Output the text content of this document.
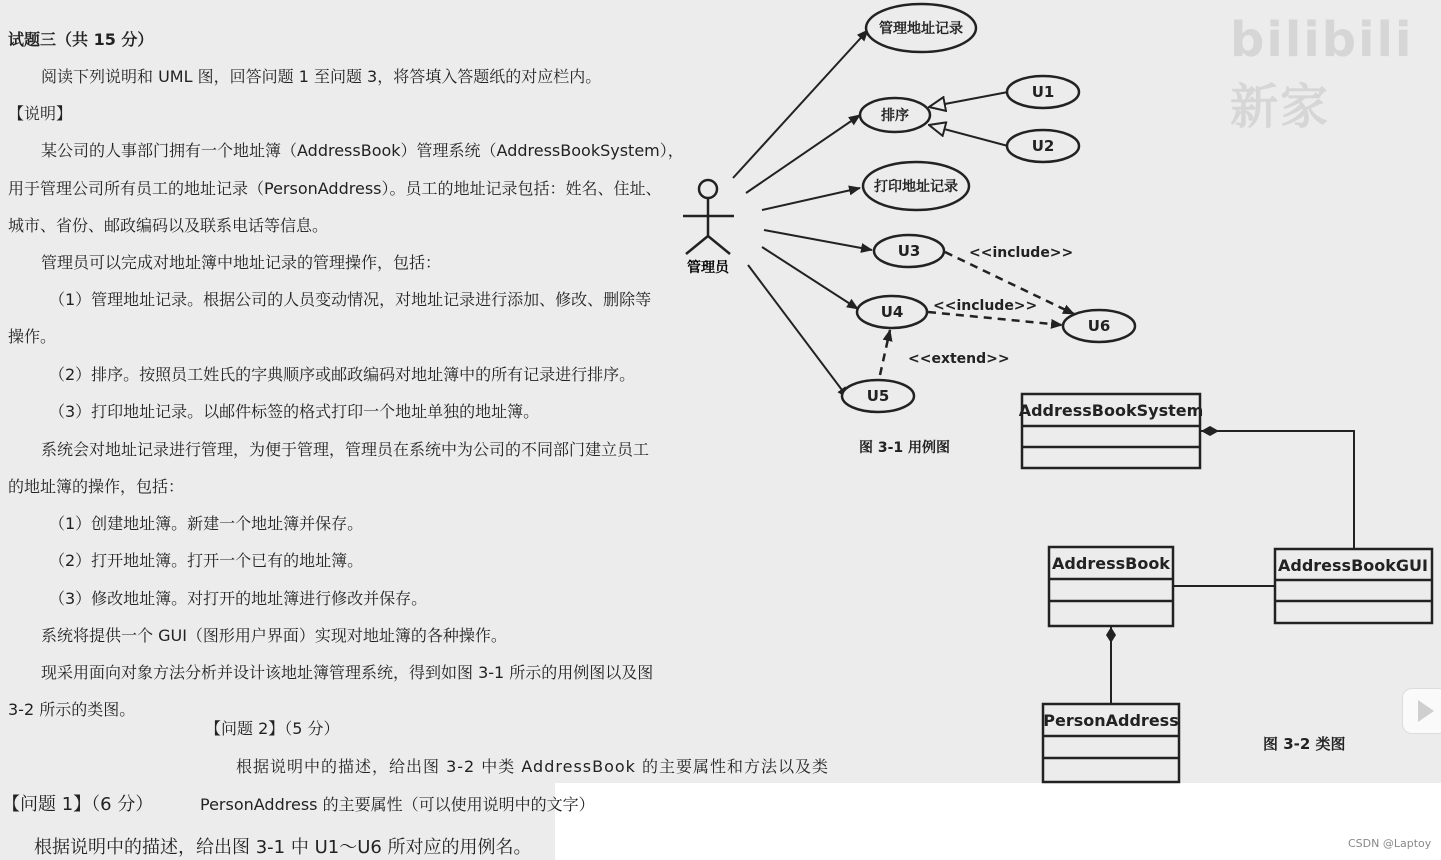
试题三（共 15 分）
阅读下列说明和 UML 图，回答问题 1 至问题 3，将答填入答题纸的对应栏内。
【说明】
某公司的人事部门拥有一个地址簿（AddressBook）管理系统（AddressBookSystem），
用于管理公司所有员工的地址记录（PersonAddress）。员工的地址记录包括：姓名、住址、
城市、省份、邮政编码以及联系电话等信息。
管理员可以完成对地址簿中地址记录的管理操作，包括：
（1）管理地址记录。根据公司的人员变动情况，对地址记录进行添加、修改、删除等
操作。
（2）排序。按照员工姓氏的字典顺序或邮政编码对地址簿中的所有记录进行排序。
（3）打印地址记录。以邮件标签的格式打印一个地址单独的地址簿。
系统会对地址记录进行管理，为便于管理，管理员在系统中为公司的不同部门建立员工
的地址簿的操作，包括：
（1）创建地址簿。新建一个地址簿并保存。
（2）打开地址簿。打开一个已有的地址簿。
（3）修改地址簿。对打开的地址簿进行修改并保存。
系统将提供一个 GUI（图形用户界面）实现对地址簿的各种操作。
现采用面向对象方法分析并设计该地址簿管理系统，得到如图 3-1 所示的用例图以及图
3-2 所示的类图。
【问题 2】（5 分）
根据说明中的描述，给出图 3-2 中类 AddressBook 的主要属性和方法以及类
PersonAddress 的主要属性（可以使用说明中的文字）
【问题 1】（6 分）
根据说明中的描述，给出图 3-1 中 U1～U6 所对应的用例名。
管理员
管理地址记录
排序
打印地址记录
U1
U2
U3
U4
U6
U5
<<include>>
<<include>>
<<extend>>
图 3-1 用例图
AddressBookSystem
AddressBook	AddressBookGUI
PersonAddress
图 3-2 类图
bilibili 新家
CSDN @Laptoy
